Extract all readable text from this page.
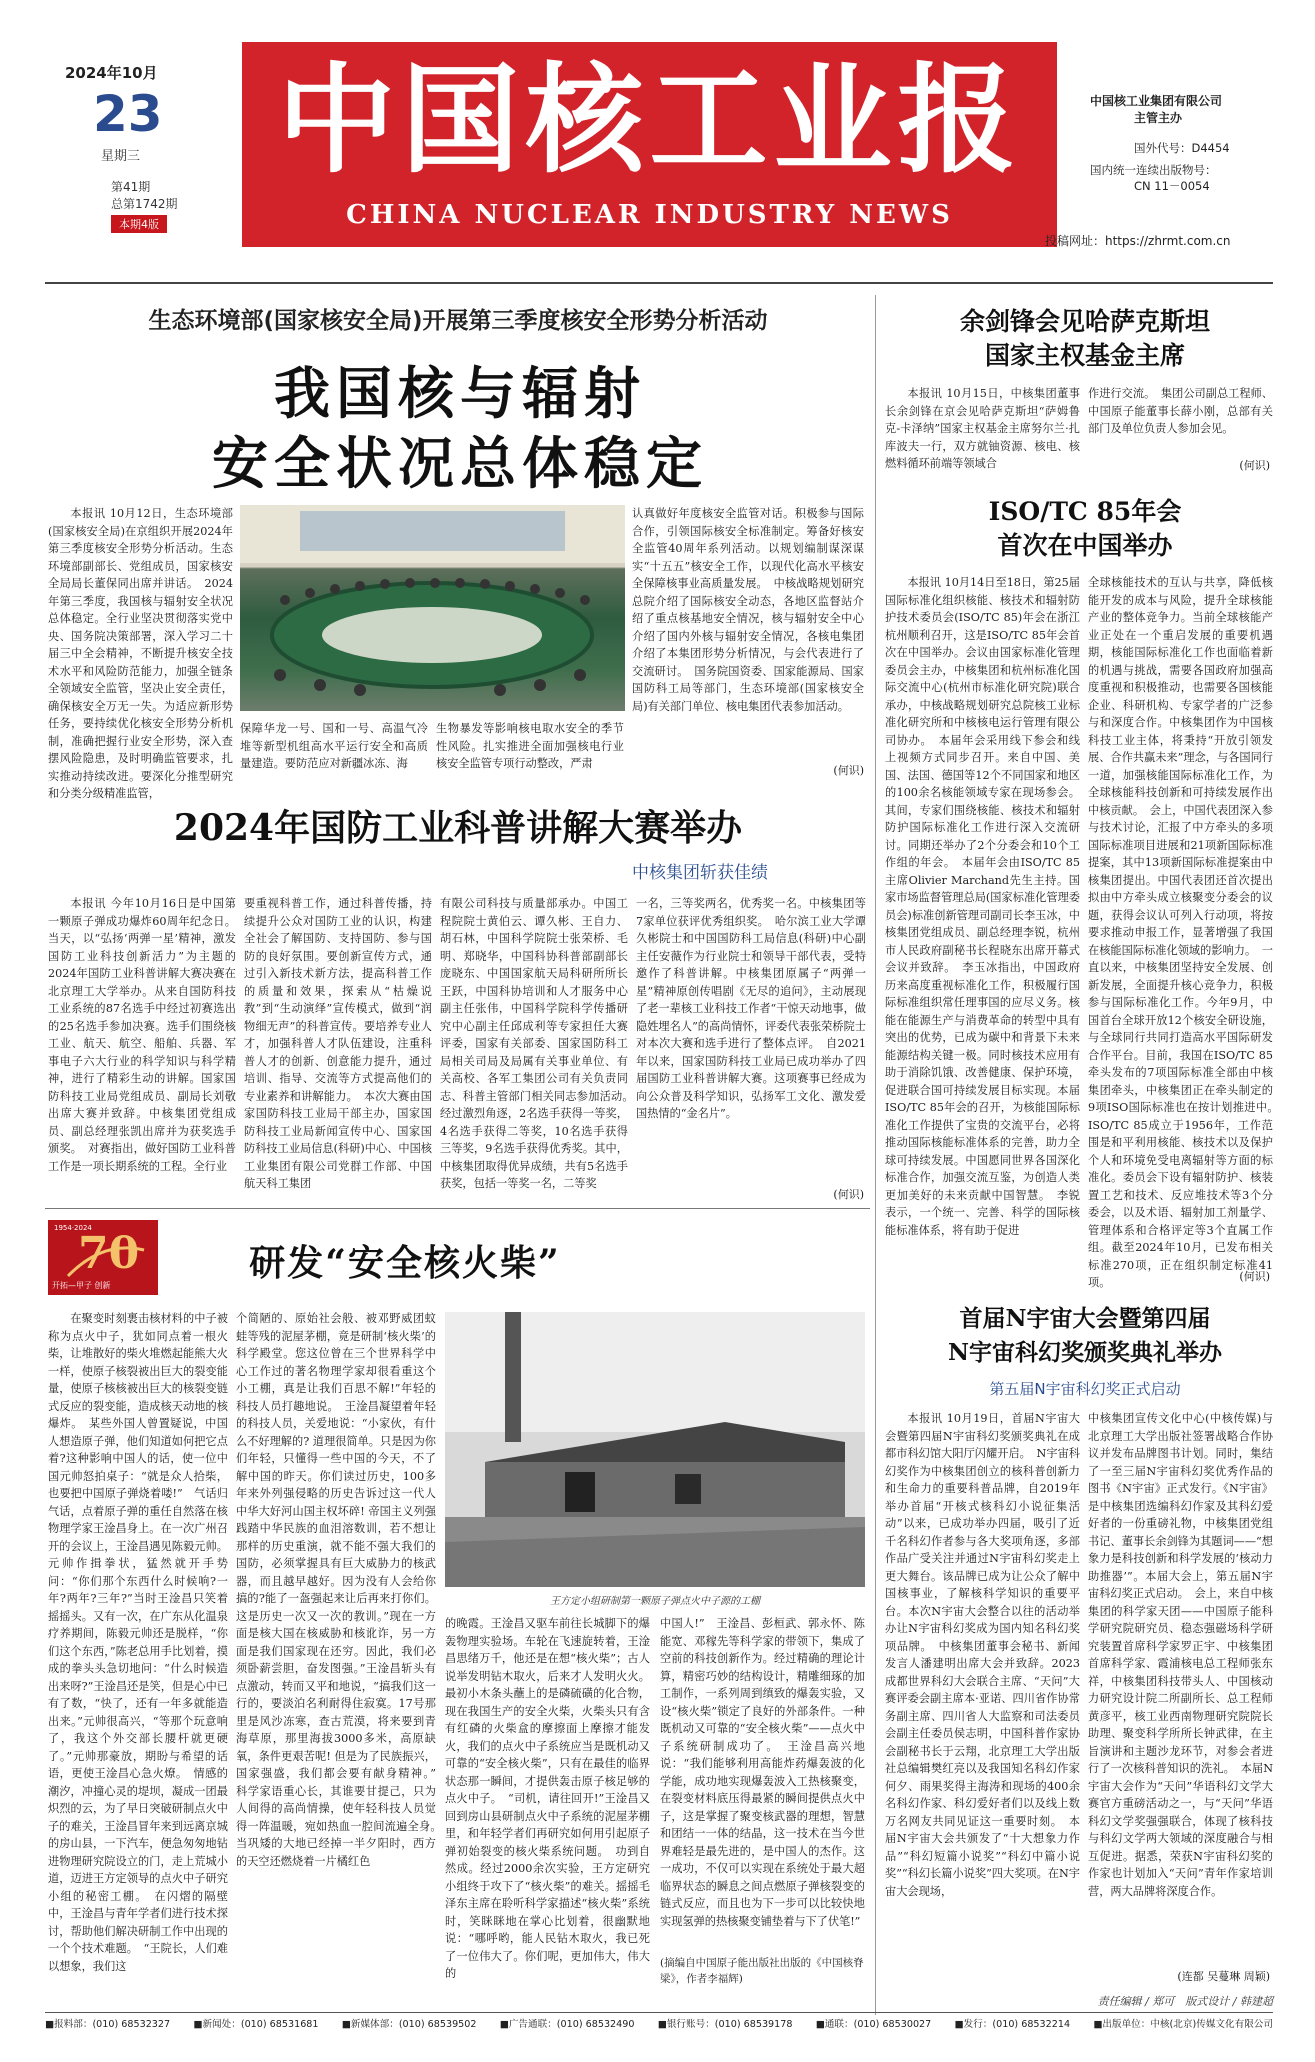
2024年10月
23
星期三
第41期
总第1742期
本期4版
中国核工业报
CHINA NUCLEAR INDUSTRY NEWS
中国核工业集团有限公司
主管主办
国外代号：D4454
国内统一连续出版物号：
CN 11－0054
投稿网址：https://zhrmt.com.cn
生态环境部(国家核安全局)开展第三季度核安全形势分析活动
我国核与辐射
安全状况总体稳定
本报讯 10月12日，生态环境部(国家核安全局)在京组织开展2024年第三季度核安全形势分析活动。生态环境部副部长、党组成员，国家核安全局局长董保同出席并讲话。　2024年第三季度，我国核与辐射安全状况总体稳定。全行业坚决贯彻落实党中央、国务院决策部署，深入学习二十届三中全会精神，不断提升核安全技术水平和风险防范能力，加强全链条全领域安全监管，坚决止安全责任，确保核安全万无一失。为适应新形势任务，要持续优化核安全形势分析机制，准确把握行业安全形势，深入查摆风险隐患，及时明确监管要求，扎实推动持续改进。要深化分推型研究和分类分级精准监管，
保障华龙一号、国和一号、高温气冷堆等新型机组高水平运行安全和高质量建造。要防范应对新疆冰冻、海
生物暴发等影响核电取水安全的季节性风险。扎实推进全面加强核电行业核安全监管专项行动整改，严肃
认真做好年度核安全监管对话。积极参与国际合作，引领国际核安全标准制定。筹备好核安全监管40周年系列活动。以规划编制谋深谋实“十五五”核安全工作，以现代化高水平核安全保障核事业高质量发展。　中核战略规划研究总院介绍了国际核安全动态，各地区监督站介绍了重点核基地安全情况，核与辐射安全中心介绍了国内外核与辐射安全情况，各核电集团介绍了本集团形势分析情况，与会代表进行了交流研讨。　国务院国资委、国家能源局、国家国防科工局等部门，生态环境部(国家核安全局)有关部门单位、核电集团代表参加活动。
(何识)
2024年国防工业科普讲解大赛举办
中核集团斩获佳绩
本报讯 今年10月16日是中国第一颗原子弹成功爆炸60周年纪念日。当天，以“弘扬‘两弹一星’精神，激发国防工业科技创新活力”为主题的2024年国防工业科普讲解大赛决赛在北京理工大学举办。从来自国防科技工业系统的87名选手中经过初赛选出的25名选手参加决赛。选手们围绕核工业、航天、航空、船舶、兵器、军事电子六大行业的科学知识与科学精神，进行了精彩生动的讲解。国家国防科技工业局党组成员、副局长刘敬出席大赛并致辞。中核集团党组成员、副总经理张凯出席并为获奖选手颁奖。　对赛指出，做好国防工业科普工作是一项长期系统的工程。全行业
要重视科普工作，通过科普传播，持续提升公众对国防工业的认识，构建全社会了解国防、支持国防、参与国防的良好氛围。要创新宣传方式，通过引入新技术新方法，提高科普工作的质量和效果，探索从“枯燥说教”到“生动演绎”宣传模式，做到“润物细无声”的科普宣传。要培养专业人才，加强科普人才队伍建设，注重科普人才的创新、创意能力提升，通过培训、指导、交流等方式提高他们的专业素养和讲解能力。　本次大赛由国家国防科技工业局干部主办，国家国防科技工业局新闻宣传中心、国家国防科技工业局信息(科研)中心、中国核工业集团有限公司党群工作部、中国航天科工集团
有限公司科技与质量部承办。中国工程院院士黄伯云、谭久彬、王自力、胡石林，中国科学院院士张荣桥、毛明、郑晓华，中国科协科普部副部长庞晓东、中国国家航天局科研所所长王跃，中国科协培训和人才服务中心副主任张伟，中国科学院科学传播研究中心副主任邱成利等专家担任大赛评委，国家有关部委、国家国防科工局相关司局及局属有关事业单位、有关高校、各军工集团公司有关负责同志、科普主管部门相关同志参加活动。　经过激烈角逐，2名选手获得一等奖，4名选手获得二等奖，10名选手获得三等奖，9名选手获得优秀奖。其中，中核集团取得优异成绩，共有5名选手获奖，包括一等奖一名，二等奖
一名，三等奖两名，优秀奖一名。中核集团等7家单位获评优秀组织奖。　哈尔滨工业大学谭久彬院士和中国国防科工局信息(科研)中心副主任安薇作为行业院士和领导干部代表，受特邀作了科普讲解。中核集团原属子“两弹一星”精神原创传唱剧《无尽的追问》，主动展现了老一辈核工业科技工作者“干惊天动地事，做隐姓埋名人”的高尚情怀，评委代表张荣桥院士对本次大赛和选手进行了整体点评。　自2021年以来，国家国防科技工业局已成功举办了四届国防工业科普讲解大赛。这项赛事已经成为向公众普及科学知识，弘扬军工文化、激发爱国热情的“金名片”。
(何识)
70
1954·2024
开拓—甲子 创新
研发“安全核火柴”
在聚变时刻裹击核材料的中子被称为点火中子，犹如同点着一根火柴，让堆散好的柴火堆燃起能熊大火一样，使原子核裂被出巨大的裂变能量，使原子核核被出巨大的核裂变链式反应的裂变能，造成核天动地的核爆炸。　某些外国人曾置疑说，中国人想造原子弹，他们知道如何把它点着?这种影响中国人的话，使一位中国元帅怒拍桌子：“就是众人拾柴，也要把中国原子弹烧着喽!”　气话归气话，点着原子弹的重任自然落在核物理学家王淦昌身上。在一次广州召开的会议上，王淦昌遇见陈毅元帅。元帅作揖拳状，猛然就开手势问：“你们那个东西什么时候响?一年?两年?三年?”当时王淦昌只笑着摇摇头。又有一次，在广东从化温泉疗养期间，陈毅元帅还是脱样，“你们这个东西，”陈老总用手比划着，摸成的拳头头急切地问：“什么时候造出来呀?”王淦昌还是笑，但是心中已有了数，“快了，还有一年多就能造出来。”元帅很高兴，“等那个玩意响了，我这个外交部长腰杆就更硬了。”元帅那豪放，期盼与希望的话语，更使王淦昌心急火燎。　情感的潮汐，冲撞心灵的堤坝，凝成一团最炽烈的云，为了早日突破研制点火中子的难关，王淦昌冒年来到远离京城的房山县，一下汽车，便急匆匆地钻进物理研究院设立的门，走上荒城小道，迈进王方定领导的点火中子研究小组的秘密工棚。　在闪熠的隔壁中，王淦昌与青年学者们进行技术探讨，帮助他们解决研制工作中出现的一个个技术难题。　“王院长，人们难以想象，我们这
个简陋的、原始社会般、被邓野威团蚊蛙等残的泥屋茅棚，竟是研制‘核火柴’的科学殿堂。您这位曾在三个世界科学中心工作过的著名物理学家却很看重这个小工棚，真是让我们百思不解!”年轻的科技人员打趣地说。　王淦昌凝望着年轻的科技人员，关爱地说：“小家伙，有什么不好理解的? 道理很简单。只是因为你们年轻，只懂得一些中国的今天，不了解中国的昨天。你们读过历史，100多年来外列强侵略的历史告诉过这一代人中华大好河山国主权坏碎! 帝国主义列强践踏中华民族的血泪溶数训，若不想让那样的历史重演，就不能不强大我们的国防，必须掌握具有巨大威胁力的核武器，而且越早越好。因为没有人会给你搞的?能了一盔强起来让后再来打你们。这是历史一次又一次的教训。”现在一方面是核大国在核威胁和核讹诈，另一方面是我们国家现在还穷。因此，我们必须卧薪尝胆，奋发图强。”王淦昌斩头有点激动，转而又平和地说，“搞我们这一行的，要淡泊名利耐得住寂寞。17号那里是风沙冻寒，查古荒漠，将来要到青海草原，那里海拔3000多米，高原缺氧，条件更艰苦呢! 但是为了民族振兴，国家强盛，我们都会要有献身精神。”　科学家语重心长，其谁要甘提己，只为人间得的高尚情操，使年轻科技人员觉得一阵温暖，宛如热血一腔间流遍全身。　当巩矮的大地已经掉一半夕阳时，西方的天空还燃烧着一片橘红色
王方定小组研制第一颗原子弹点火中子源的工棚
的晚霞。王淦昌又驱车前往长城脚下的爆轰物理实验场。车轮在飞速旋转着，王淦昌思绪万千，他还是在想“核火柴”；古人说举发明钻木取火，后来才人发明火火。最初小木条头蘸上的是磷硫磺的化合物，现在我国生产的安全火柴，火柴头只有含有红磷的火柴盒的摩擦面上摩擦才能发火，我们的点火中子系统应当是既机动又可靠的“安全核火柴”，只有在最佳的临界状态那一瞬间，才提供轰击原子核足够的点火中子。　“司机，请往回开!”王淦昌又回到房山县研制点火中子系统的泥屋茅棚里，和年轻学者们再研究如何用引起原子弹初始裂变的核火柴系统问题。　功到自然成。经过2000余次实验，王方定研究小组终于攻下了“核火柴”的难关。摇摇毛泽东主席在聆听科学家描述“核火柴”系统时，笑眯眯地在掌心比划着，很幽默地说：“哪呼哟，能人民钻木取火，我已死了一位伟大了。你们呢，更加伟大，伟大的
中国人!”　王淦昌、彭桓武、郭永怀、陈能宽、邓稼先等科学家的带领下，集成了空前的科技创新作为。经过精确的理论计算，精密巧妙的结构设计，精雕细琢的加工制作，一系列周到缜致的爆轰实验，又设“核火柴”锁定了良好的外部条件。一种既机动又可靠的“安全核火柴”——点火中子系统研制成功了。　王淦昌高兴地说：“我们能够利用高能炸药爆轰波的化学能，成功地实现爆轰波入工热核聚变，在裂变材料底压得最紧的瞬间提供点火中子，这是掌握了聚变核武器的理想，智慧和团结一一体的结晶，这一技术在当今世界难轻是最先进的，是中国人的杰作。这一成功，不仅可以实现在系统处于最大超临界状态的瞬息之间点燃原子弹核裂变的链式反应，而且也为下一步可以比较快地实现氢弹的热核聚变铺垫着与下了伏笔!”
(摘编自中国原子能出版社出版的《中国核脊梁》，作者李福辉)
余剑锋会见哈萨克斯坦
国家主权基金主席
本报讯 10月15日，中核集团董事长余剑锋在京会见哈萨克斯坦“萨姆鲁克-卡泽纳”国家主权基金主席努尔兰·扎库波夫一行，双方就铀资源、核电、核燃料循环前端等领域合
作进行交流。　集团公司副总工程师、中国原子能董事长薛小刚，总部有关部门及单位负责人参加会见。
(何识)
ISO/TC 85年会
首次在中国举办
本报讯 10月14日至18日，第25届国际标准化组织核能、核技术和辐射防护技术委员会(ISO/TC 85)年会在浙江杭州顺利召开，这是ISO/TC 85年会首次在中国举办。会议由国家标准化管理委员会主办，中核集团和杭州标准化国际交流中心(杭州市标准化研究院)联合承办，中核战略规划研究总院核工业标准化研究所和中核核电运行管理有限公司协办。　本届年会采用线下参会和线上视频方式同步召开。来自中国、美国、法国、德国等12个不同国家和地区的100余名核能领域专家在现场参会。其间，专家们围绕核能、核技术和辐射防护国际标准化工作进行深入交流研讨。同期还举办了2个分委会和10个工作组的年会。　本届年会由ISO/TC 85主席Olivier Marchand先生主持。国家市场监督管理总局(国家标准化管理委员会)标准创新管理司副司长李玉冰，中核集团党组成员、副总经理李锐，杭州市人民政府副秘书长程晓东出席开幕式会议并致辞。　李玉冰指出，中国政府历来高度重视标准化工作，积极履行国际标准组织常任理事国的应尽义务。核能在能源生产与消费革命的转型中具有突出的优势，已成为碳中和背景下未来能源结构关键一极。同时核技术应用有助于消除饥饿、改善健康、保护环境，促进联合国可持续发展目标实现。本届ISO/TC 85年会的召开，为核能国际标准化工作提供了宝贵的交流平台，必将推动国际核能标准体系的完善，助力全球可持续发展。中国愿同世界各国深化标准合作，加强交流互鉴，为创造人类更加美好的未来贡献中国智慧。　李锐表示，一个统一、完善、科学的国际核能标准体系，将有助于促进
全球核能技术的互认与共享，降低核能开发的成本与风险，提升全球核能产业的整体竞争力。当前全球核能产业正处在一个重启发展的重要机遇期，核能国际标准化工作也面临着新的机遇与挑战，需要各国政府加强高度重视和积极推动，也需要各国核能企业、科研机构、专家学者的广泛参与和深度合作。中核集团作为中国核科技工业主体，将秉持“开放引领发展、合作共赢未来”理念，与各国同行一道，加强核能国际标准化工作，为全球核能科技创新和可持续发展作出中核贡献。　会上，中国代表团深入参与技术讨论，汇报了中方牵头的多项国际标准项目进展和21项新国际标准提案，其中13项新国际标准提案由中核集团提出。中国代表团还首次提出拟由中方牵头成立核聚变分委会的议题，获得会议认可列入行动项，将按要求推动申报工作，显著增强了我国在核能国际标准化领域的影响力。　一直以来，中核集团坚持安全发展、创新发展，全面提升核心竞争力，积极参与国际标准化工作。今年9月，中国首台全球开放12个核安全研设施，与全球同行共同打造高水平国际研发合作平台。目前，我国在ISO/TC 85牵头发布的7项国际标准全部由中核集团牵头，中核集团正在牵头制定的9项ISO国际标准也在按计划推进中。　ISO/TC 85成立于1956年，工作范围是和平利用核能、核技术以及保护个人和环境免受电离辐射等方面的标准化。委员会下设有辐射防护、核装置工艺和技术、反应堆技术等3个分委会，以及术语、辐射加工剂量学、管理体系和合格评定等3个直属工作组。截至2024年10月，已发布相关标准270项，正在组织制定标准41项。	(何识)
首届N宇宙大会暨第四届
N宇宙科幻奖颁奖典礼举办
第五届N宇宙科幻奖正式启动
本报讯 10月19日，首届N宇宙大会暨第四届N宇宙科幻奖颁奖典礼在成都市科幻馆大阳厅闪耀开启。　N宇宙科幻奖作为中核集团创立的核科普创新力和生命力的重要科普品牌，自2019年举办首届“开核式核科幻小说征集活动”以来，已成功举办四届，吸引了近千名科幻作者参与各大奖项角逐，多部作品广受关注并通过N宇宙科幻奖走上更大舞台。该品牌已成为让公众了解中国核事业，了解核科学知识的重要平台。本次N宇宙大会整合以往的活动举办让N宇宙科幻奖成为国内知名科幻奖项品牌。　中核集团董事会秘书、新闻发言人潘建明出席大会并致辞。2023成都世界科幻大会联合主席、“天问”大赛评委会副主席本·亚诺、四川省作协常务副主席、四川省人大监察和司法委员会副主任委员侯志明，中国科普作家协会副秘书长于云翔，北京理工大学出版社总编辑樊红亮以及我国知名科幻作家何夕、雨果奖得主海涛和现场的400余名科幻作家、科幻爱好者们以及线上数万名网友共同见证这一重要时刻。　本届N宇宙大会共颁发了“十大想象力作品”“科幻短篇小说奖”“科幻中篇小说奖”“科幻长篇小说奖”四大奖项。在N宇宙大会现场，
中核集团宣传文化中心(中核传媒)与北京理工大学出版社签署战略合作协议并发布品牌图书计划。同时，集结了一至三届N宇宙科幻奖优秀作品的图书《N宇宙》正式发行。《N宇宙》是中核集团选编科幻作家及其科幻爱好者的一份重磅礼物，中核集团党组书记、董事长余剑锋为其题词——“想象力是科技创新和科学发展的‘核动力助推器’”。本届大会上，第五届N宇宙科幻奖正式启动。　会上，来自中核集团的科学家天团——中国原子能科学研究院研究员、稳态强磁场科学研究装置首席科学家罗正宇、中核集团首席科学家、霞浦核电总工程师张东祥，中核集团科技带头人、中国核动力研究设计院二所副所长、总工程师黄彦平，核工业西南物理研究院院长助理、聚变科学所所长钟武律，在主旨演讲和主题沙龙环节，对参会者进行了一次核科普知识的洗礼。　本届N宇宙大会作为“天问”华语科幻文学大赛官方重磅活动之一，与“天问”华语科幻文学奖强强联合，体现了核科技与科幻文学两大领域的深度融合与相互促进。据悉，荣获N宇宙科幻奖的作家也计划加入“天问”青年作家培训营，两大品牌将深度合作。
(连都 吴蔓琳 周颖)
责任编辑 / 郑可　版式设计 / 韩建超
■报料部：(010) 68532327 ■新闻处：(010) 68531681 ■新媒体部：(010) 68539502 ■广告通联：(010) 68532490 ■银行账号：(010) 68539178 ■通联：(010) 68530027 ■发行：(010) 68532214 ■出版单位：中核(北京)传媒文化有限公司
